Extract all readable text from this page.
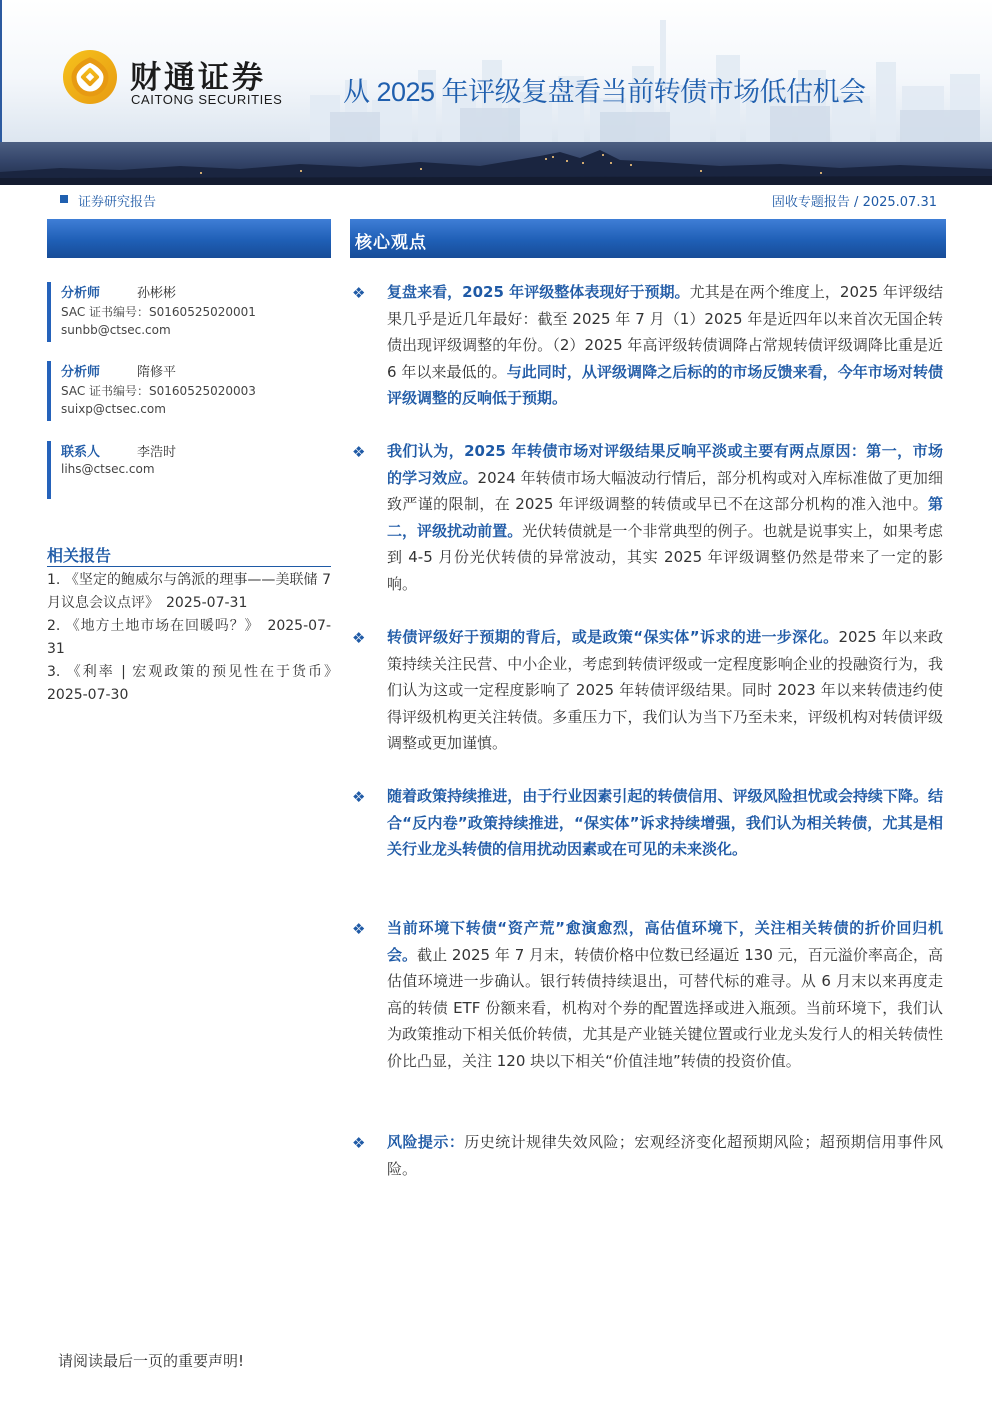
财通证券
CAITONG SECURITIES 从 2025 年评级复盘看当前转债市场低估机会
证券研究报告	固收专题报告 / 2025.07.31
分析师	孙彬彬
SAC 证书编号：S0160525020001
sunbb@ctsec.com
分析师	隋修平
SAC 证书编号：S0160525020003
suixp@ctsec.com
联系人	李浩时
lihs@ctsec.com
相关报告
1. 《坚定的鲍威尔与鸽派的理事——美联储 7 月议息会议点评》　2025-07-31
2. 《地方土地市场在回暖吗？》　2025-07-31
3. 《利率 | 宏观政策的预见性在于货币》　2025-07-30
核心观点
❖ 复盘来看，2025 年评级整体表现好于预期。尤其是在两个维度上，2025 年评级结果几乎是近几年最好：截至 2025 年 7 月（1）2025 年是近四年以来首次无国企转债出现评级调整的年份。（2）2025 年高评级转债调降占常规转债评级调降比重是近 6 年以来最低的。与此同时，从评级调降之后标的的市场反馈来看，今年市场对转债评级调整的反响低于预期。
❖ 我们认为，2025 年转债市场对评级结果反响平淡或主要有两点原因：第一，市场的学习效应。2024 年转债市场大幅波动行情后，部分机构或对入库标准做了更加细致严谨的限制，在 2025 年评级调整的转债或早已不在这部分机构的准入池中。第二，评级扰动前置。光伏转债就是一个非常典型的例子。也就是说事实上，如果考虑到 4-5 月份光伏转债的异常波动，其实 2025 年评级调整仍然是带来了一定的影响。
❖ 转债评级好于预期的背后，或是政策“保实体”诉求的进一步深化。2025 年以来政策持续关注民营、中小企业，考虑到转债评级或一定程度影响企业的投融资行为，我们认为这或一定程度影响了 2025 年转债评级结果。同时 2023 年以来转债违约使得评级机构更关注转债。多重压力下，我们认为当下乃至未来，评级机构对转债评级调整或更加谨慎。
❖ 随着政策持续推进，由于行业因素引起的转债信用、评级风险担忧或会持续下降。结合“反内卷”政策持续推进，“保实体”诉求持续增强，我们认为相关转债，尤其是相关行业龙头转债的信用扰动因素或在可见的未来淡化。
❖ 当前环境下转债“资产荒”愈演愈烈，高估值环境下，关注相关转债的折价回归机会。截止 2025 年 7 月末，转债价格中位数已经逼近 130 元，百元溢价率高企，高估值环境进一步确认。银行转债持续退出，可替代标的难寻。从 6 月末以来再度走高的转债 ETF 份额来看，机构对个券的配置选择或进入瓶颈。当前环境下，我们认为政策推动下相关低价转债，尤其是产业链关键位置或行业龙头发行人的相关转债性价比凸显，关注 120 块以下相关“价值洼地”转债的投资价值。
❖ 风险提示：历史统计规律失效风险；宏观经济变化超预期风险；超预期信用事件风险。
请阅读最后一页的重要声明!
